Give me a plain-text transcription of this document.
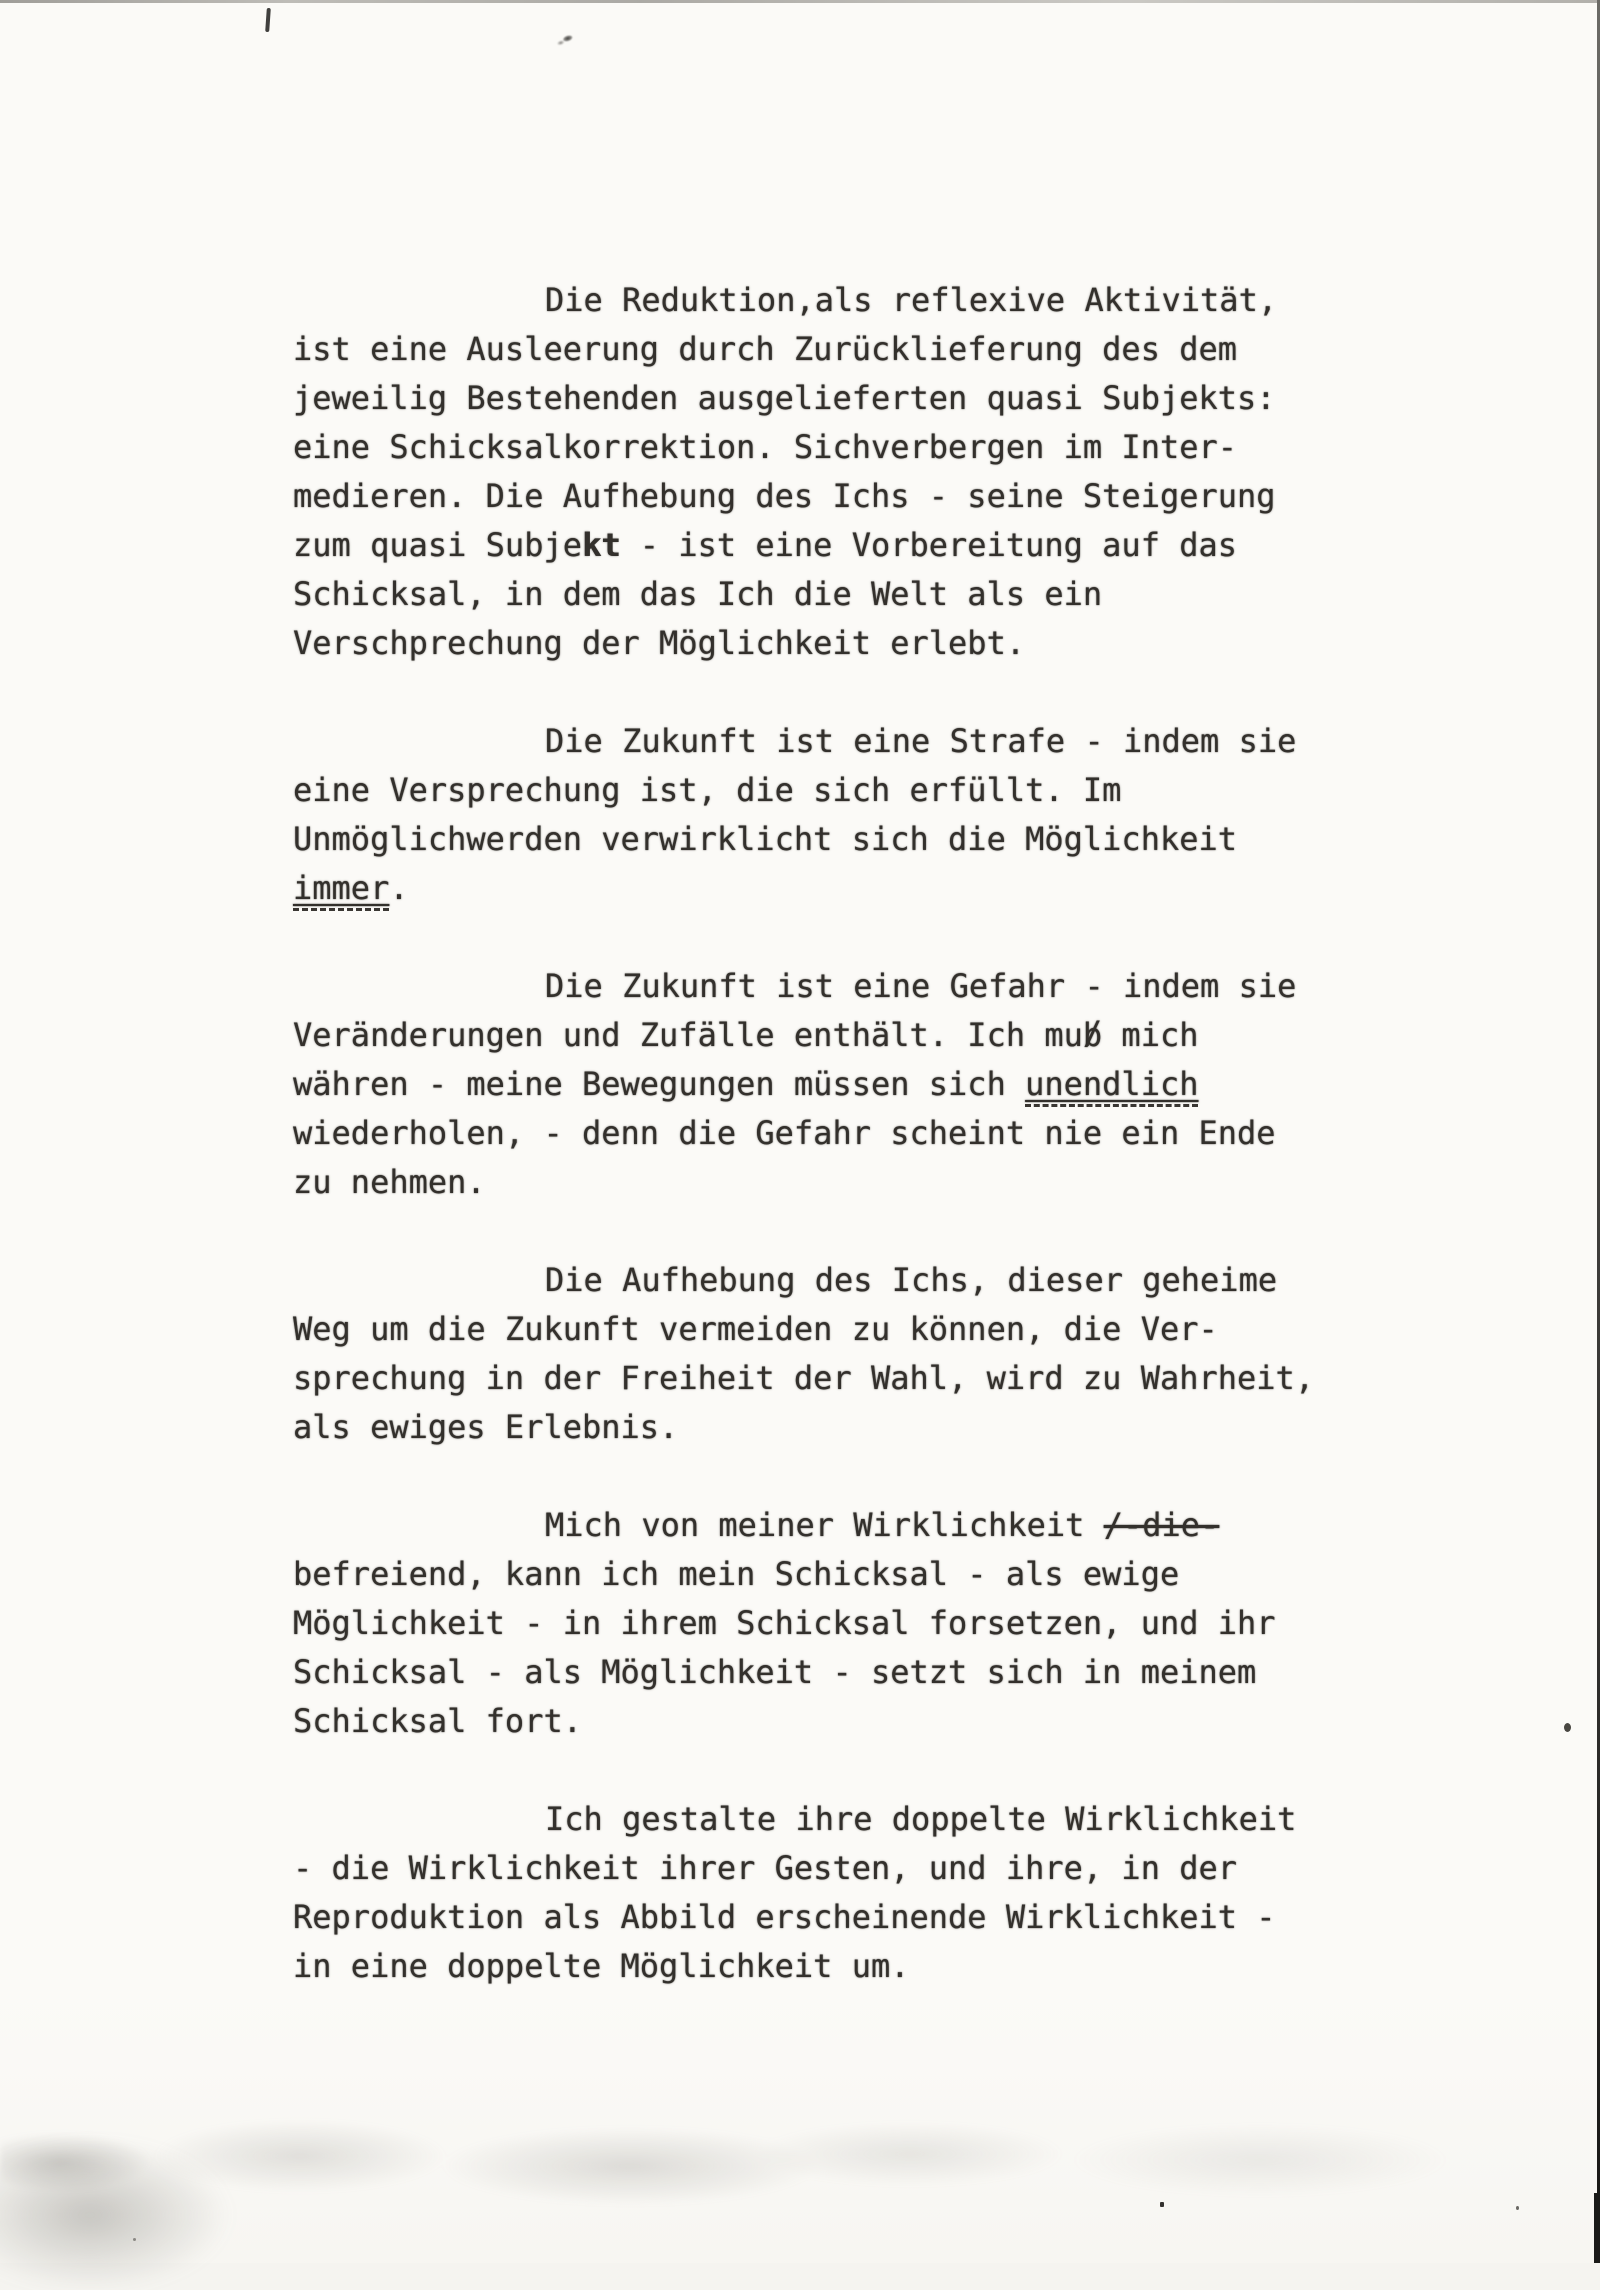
Die Reduktion,als reflexive Aktivität,
ist eine Ausleerung durch Zurücklieferung des dem
jeweilig Bestehenden ausgelieferten quasi Subjekts:
eine Schicksalkorrektion. Sichverbergen im Inter-
medieren. Die Aufhebung des Ichs - seine Steigerung
zum quasi Subjekt - ist eine Vorbereitung auf das
Schicksal, in dem das Ich die Welt als ein
Verschprechung der Möglichkeit erlebt.
Die Zukunft ist eine Strafe - indem sie
eine Versprechung ist, die sich erfüllt. Im
Unmöglichwerden verwirklicht sich die Möglichkeit
immer.
Die Zukunft ist eine Gefahr - indem sie
Veränderungen und Zufälle enthält. Ich mub / mich
währen - meine Bewegungen müssen sich unendlich
wiederholen, - denn die Gefahr scheint nie ein Ende
zu nehmen.
Die Aufhebung des Ichs, dieser geheime
Weg um die Zukunft vermeiden zu können, die Ver-
sprechung in der Freiheit der Wahl, wird zu Wahrheit,
als ewiges Erlebnis.
Mich von meiner Wirklichkeit /-die-
befreiend, kann ich mein Schicksal - als ewige
Möglichkeit - in ihrem Schicksal forsetzen, und ihr
Schicksal - als Möglichkeit - setzt sich in meinem
Schicksal fort.
Ich gestalte ihre doppelte Wirklichkeit
- die Wirklichkeit ihrer Gesten, und ihre, in der
Reproduktion als Abbild erscheinende Wirklichkeit -
in eine doppelte Möglichkeit um.
